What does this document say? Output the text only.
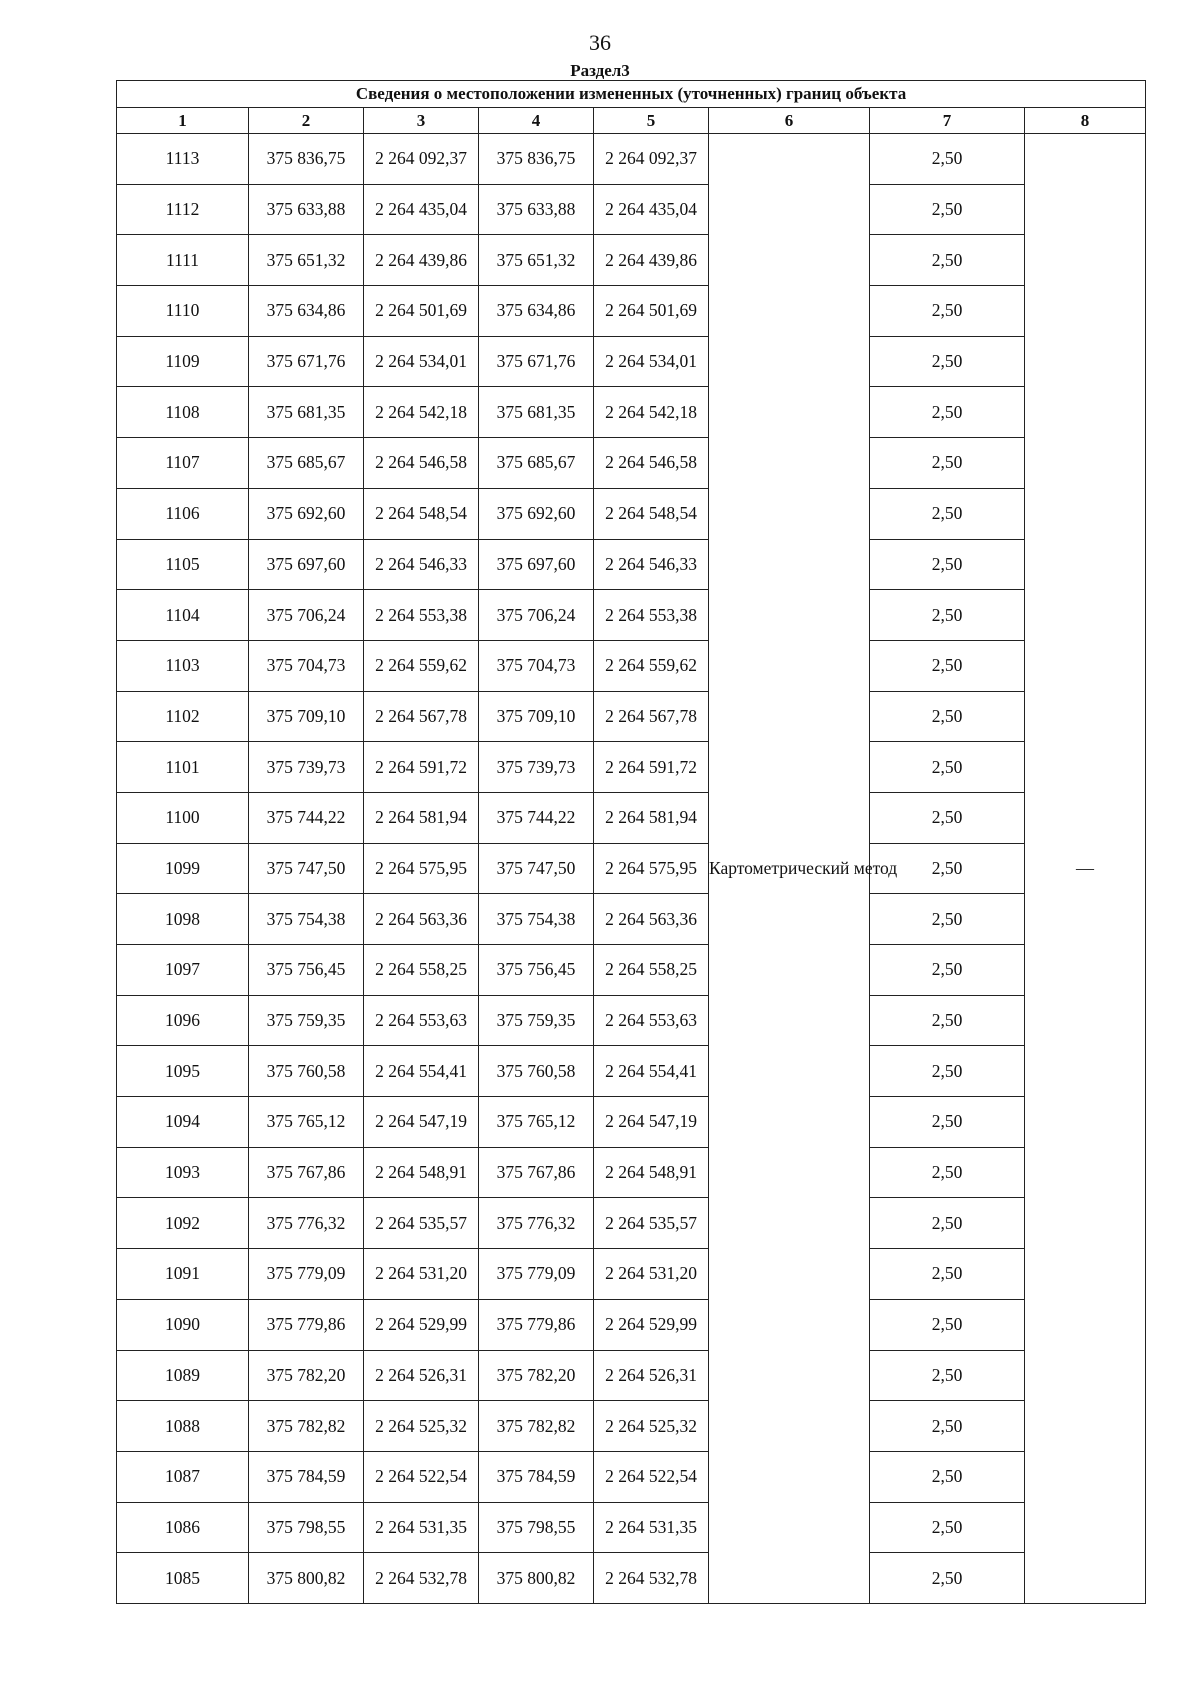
36
Раздел3
Сведения о местоположении измененных (уточненных) границ объекта							
1	2	3	4	5	6	7	8
1113	375 836,75	2 264 092,37	375 836,75	2 264 092,37	Картометрический метод	2,50	—
1112	375 633,88	2 264 435,04	375 633,88	2 264 435,04		2,50	
1111	375 651,32	2 264 439,86	375 651,32	2 264 439,86		2,50	
1110	375 634,86	2 264 501,69	375 634,86	2 264 501,69		2,50	
1109	375 671,76	2 264 534,01	375 671,76	2 264 534,01		2,50	
1108	375 681,35	2 264 542,18	375 681,35	2 264 542,18		2,50	
1107	375 685,67	2 264 546,58	375 685,67	2 264 546,58		2,50	
1106	375 692,60	2 264 548,54	375 692,60	2 264 548,54		2,50	
1105	375 697,60	2 264 546,33	375 697,60	2 264 546,33		2,50	
1104	375 706,24	2 264 553,38	375 706,24	2 264 553,38		2,50	
1103	375 704,73	2 264 559,62	375 704,73	2 264 559,62		2,50	
1102	375 709,10	2 264 567,78	375 709,10	2 264 567,78		2,50	
1101	375 739,73	2 264 591,72	375 739,73	2 264 591,72		2,50	
1100	375 744,22	2 264 581,94	375 744,22	2 264 581,94		2,50	
1099	375 747,50	2 264 575,95	375 747,50	2 264 575,95		2,50	
1098	375 754,38	2 264 563,36	375 754,38	2 264 563,36		2,50	
1097	375 756,45	2 264 558,25	375 756,45	2 264 558,25		2,50	
1096	375 759,35	2 264 553,63	375 759,35	2 264 553,63		2,50	
1095	375 760,58	2 264 554,41	375 760,58	2 264 554,41		2,50	
1094	375 765,12	2 264 547,19	375 765,12	2 264 547,19		2,50	
1093	375 767,86	2 264 548,91	375 767,86	2 264 548,91		2,50	
1092	375 776,32	2 264 535,57	375 776,32	2 264 535,57		2,50	
1091	375 779,09	2 264 531,20	375 779,09	2 264 531,20		2,50	
1090	375 779,86	2 264 529,99	375 779,86	2 264 529,99		2,50	
1089	375 782,20	2 264 526,31	375 782,20	2 264 526,31		2,50	
1088	375 782,82	2 264 525,32	375 782,82	2 264 525,32		2,50	
1087	375 784,59	2 264 522,54	375 784,59	2 264 522,54		2,50	
1086	375 798,55	2 264 531,35	375 798,55	2 264 531,35		2,50	
1085	375 800,82	2 264 532,78	375 800,82	2 264 532,78		2,50	
